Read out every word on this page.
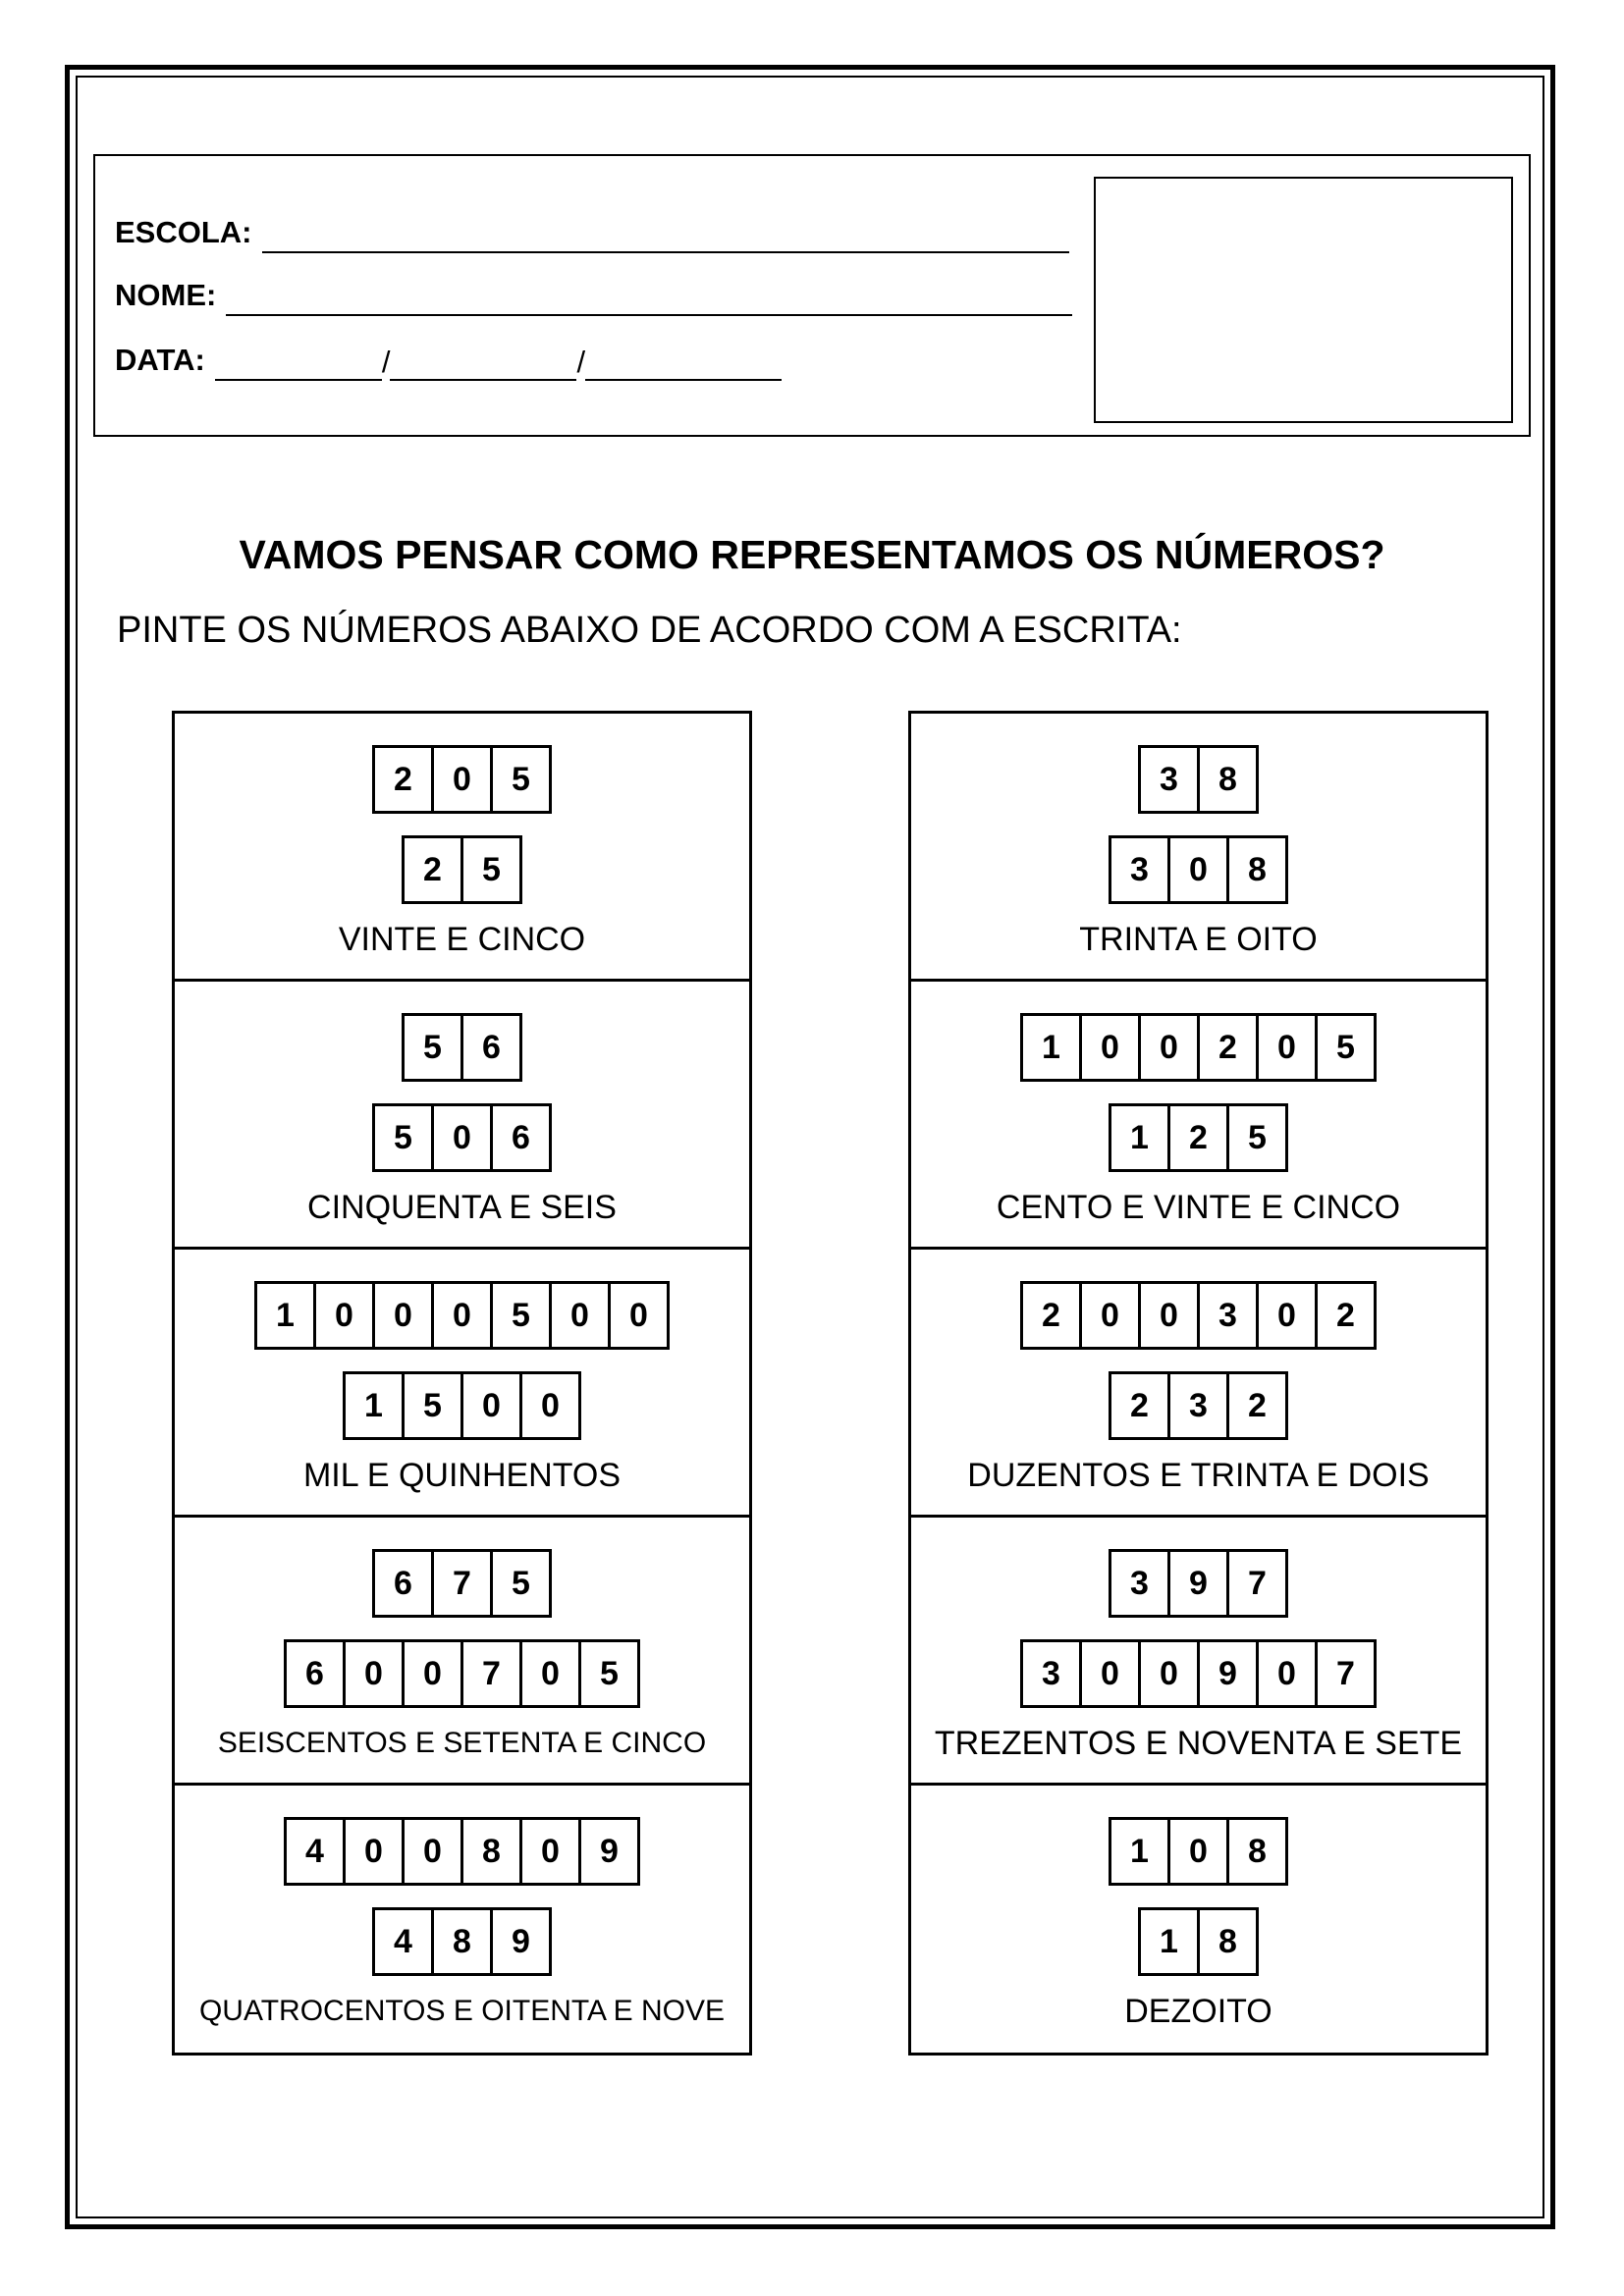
ESCOLA:
NOME:
DATA:	/	/
VAMOS PENSAR COMO REPRESENTAMOS OS NÚMEROS?

PINTE OS NÚMEROS ABAIXO DE ACORDO COM A ESCRITA:

2	0	5
2	5
VINTE E CINCO
5	6
5	0	6
CINQUENTA E SEIS
1	0	0	0	5	0	0
1	5	0	0
MIL E QUINHENTOS
6	7	5
6	0	0	7	0	5
SEISCENTOS E SETENTA E CINCO
4	0	0	8	0	9
4	8	9
QUATROCENTOS E OITENTA E NOVE
3	8
3	0	8
TRINTA E OITO
1	0	0	2	0	5
1	2	5
CENTO E VINTE E CINCO
2	0	0	3	0	2
2	3	2
DUZENTOS E TRINTA E DOIS
3	9	7
3	0	0	9	0	7
TREZENTOS E NOVENTA E SETE
1	0	8
1	8
DEZOITO
